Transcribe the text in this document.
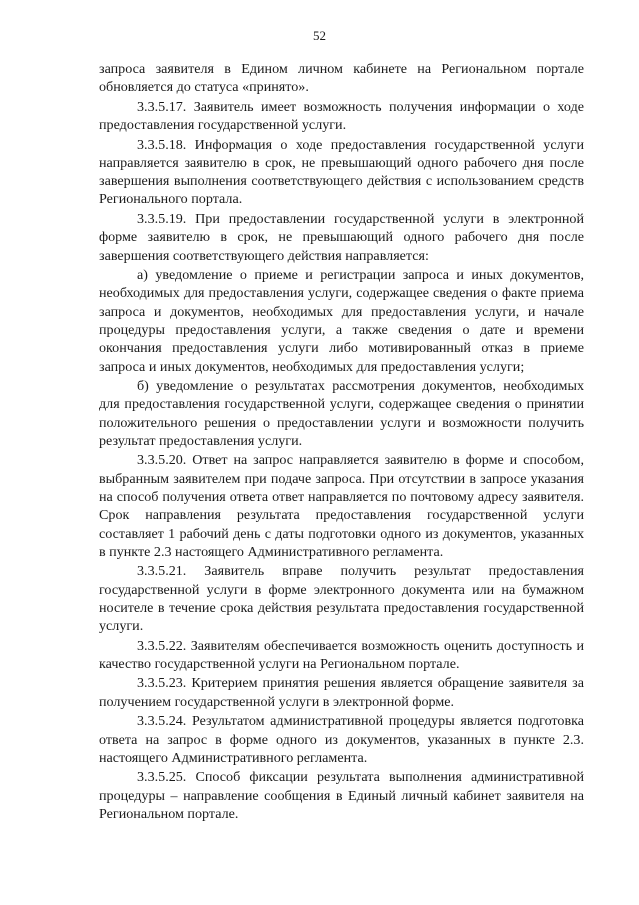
52

запроса заявителя в Едином личном кабинете на Региональном портале обновляется до статуса «принято».

3.3.5.17. Заявитель имеет возможность получения информации о ходе предоставления государственной услуги.

3.3.5.18. Информация о ходе предоставления государственной услуги направляется заявителю в срок, не превышающий одного рабочего дня после завершения выполнения соответствующего действия с использованием средств Регионального портала.

3.3.5.19. При предоставлении государственной услуги в электронной форме заявителю в срок, не превышающий одного рабочего дня после завершения соответствующего действия направляется:

а) уведомление о приеме и регистрации запроса и иных документов, необходимых для предоставления услуги, содержащее сведения о факте приема запроса и документов, необходимых для предоставления услуги, и начале процедуры предоставления услуги, а также сведения о дате и времени окончания предоставления услуги либо мотивированный отказ в приеме запроса и иных документов, необходимых для предоставления услуги;

б) уведомление о результатах рассмотрения документов, необходимых для предоставления государственной услуги, содержащее сведения о принятии положительного решения о предоставлении услуги и возможности получить результат предоставления услуги.

3.3.5.20. Ответ на запрос направляется заявителю в форме и способом, выбранным заявителем при подаче запроса. При отсутствии в запросе указания на способ получения ответа ответ направляется по почтовому адресу заявителя. Срок направления результата предоставления государственной услуги составляет 1 рабочий день с даты подготовки одного из документов, указанных в пункте 2.3 настоящего Административного регламента.

3.3.5.21. Заявитель вправе получить результат предоставления государственной услуги в форме электронного документа или на бумажном носителе в течение срока действия результата предоставления государственной услуги.

3.3.5.22. Заявителям обеспечивается возможность оценить доступность и качество государственной услуги на Региональном портале.

3.3.5.23. Критерием принятия решения является обращение заявителя за получением государственной услуги в электронной форме.

3.3.5.24. Результатом административной процедуры является подготовка ответа на запрос в форме одного из документов, указанных в пункте 2.3. настоящего Административного регламента.

3.3.5.25. Способ фиксации результата выполнения административной процедуры – направление сообщения в Единый личный кабинет заявителя на Региональном портале.
